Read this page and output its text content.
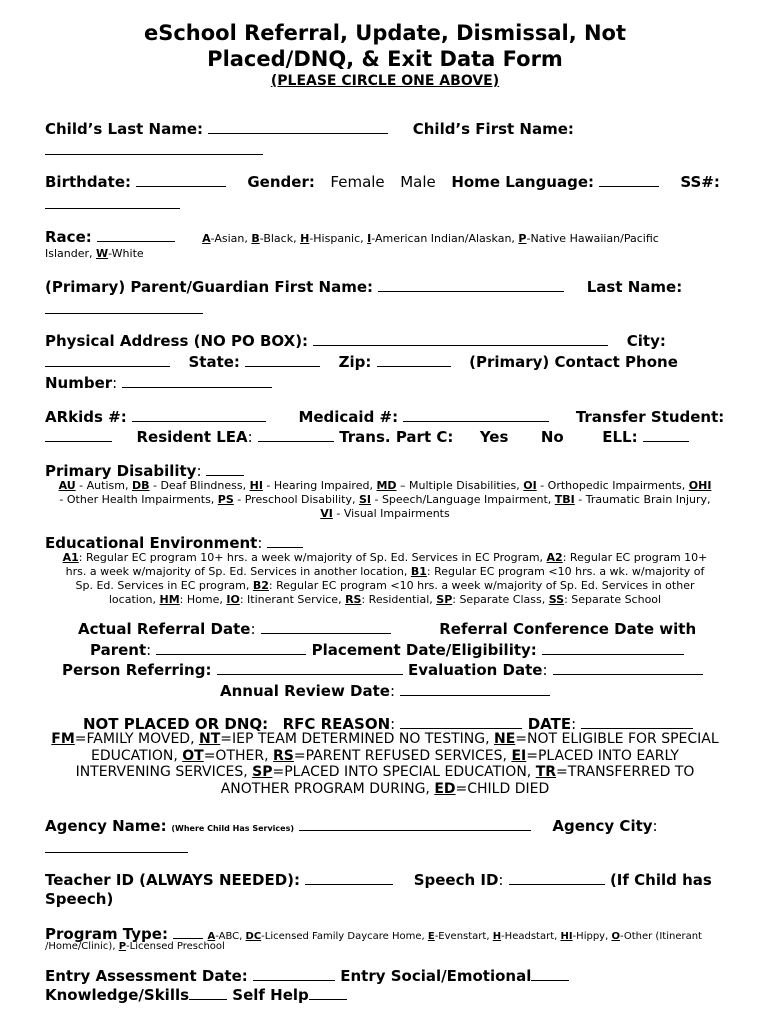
eSchool Referral, Update, Dismissal, Not
Placed/DNQ, & Exit Data Form
(PLEASE CIRCLE ONE ABOVE)
Child’s Last Name:	Child’s First Name:
Birthdate:	Gender: Female Male Home Language:	SS#:
Race:	A-Asian, B-Black, H-Hispanic, I-American Indian/Alaskan, P-Native Hawaiian/Pacific
Islander, W-White
(Primary) Parent/Guardian First Name:	Last Name:
Physical Address (NO PO BOX):	City:
State:	Zip:	(Primary) Contact Phone
Number:
ARkids #:	Medicaid #:	Transfer Student:
Resident LEA:	Trans. Part C: Yes No	ELL:
Primary Disability:
AU - Autism, DB - Deaf Blindness, HI - Hearing Impaired, MD – Multiple Disabilities, OI - Orthopedic Impairments, OHI
- Other Health Impairments, PS - Preschool Disability, SI - Speech/Language Impairment, TBI - Traumatic Brain Injury,
VI - Visual Impairments
Educational Environment:
A1: Regular EC program 10+ hrs. a week w/majority of Sp. Ed. Services in EC Program, A2: Regular EC program 10+
hrs. a week w/majority of Sp. Ed. Services in another location, B1: Regular EC program <10 hrs. a wk. w/majority of
Sp. Ed. Services in EC program, B2: Regular EC program <10 hrs. a week w/majority of Sp. Ed. Services in other
location, HM: Home, IO: Itinerant Service, RS: Residential, SP: Separate Class, SS: Separate School
Actual Referral Date:	Referral Conference Date with
Parent:	Placement Date/Eligibility:
Person Referring:	Evaluation Date:
Annual Review Date:
NOT PLACED OR DNQ: RFC REASON:	DATE:
FM=FAMILY MOVED, NT=IEP TEAM DETERMINED NO TESTING, NE=NOT ELIGIBLE FOR SPECIAL
EDUCATION, OT=OTHER, RS=PARENT REFUSED SERVICES, EI=PLACED INTO EARLY
INTERVENING SERVICES, SP=PLACED INTO SPECIAL EDUCATION, TR=TRANSFERRED TO
ANOTHER PROGRAM DURING, ED=CHILD DIED
Agency Name: (Where Child Has Services)	Agency City:
Teacher ID (ALWAYS NEEDED):	Speech ID:	(If Child has
Speech)
Program Type:	A-ABC, DC-Licensed Family Daycare Home, E-Evenstart, H-Headstart, HI-Hippy, O-Other (Itinerant
/Home/Clinic), P-Licensed Preschool
Entry Assessment Date:	Entry Social/Emotional
Knowledge/Skills	Self Help
